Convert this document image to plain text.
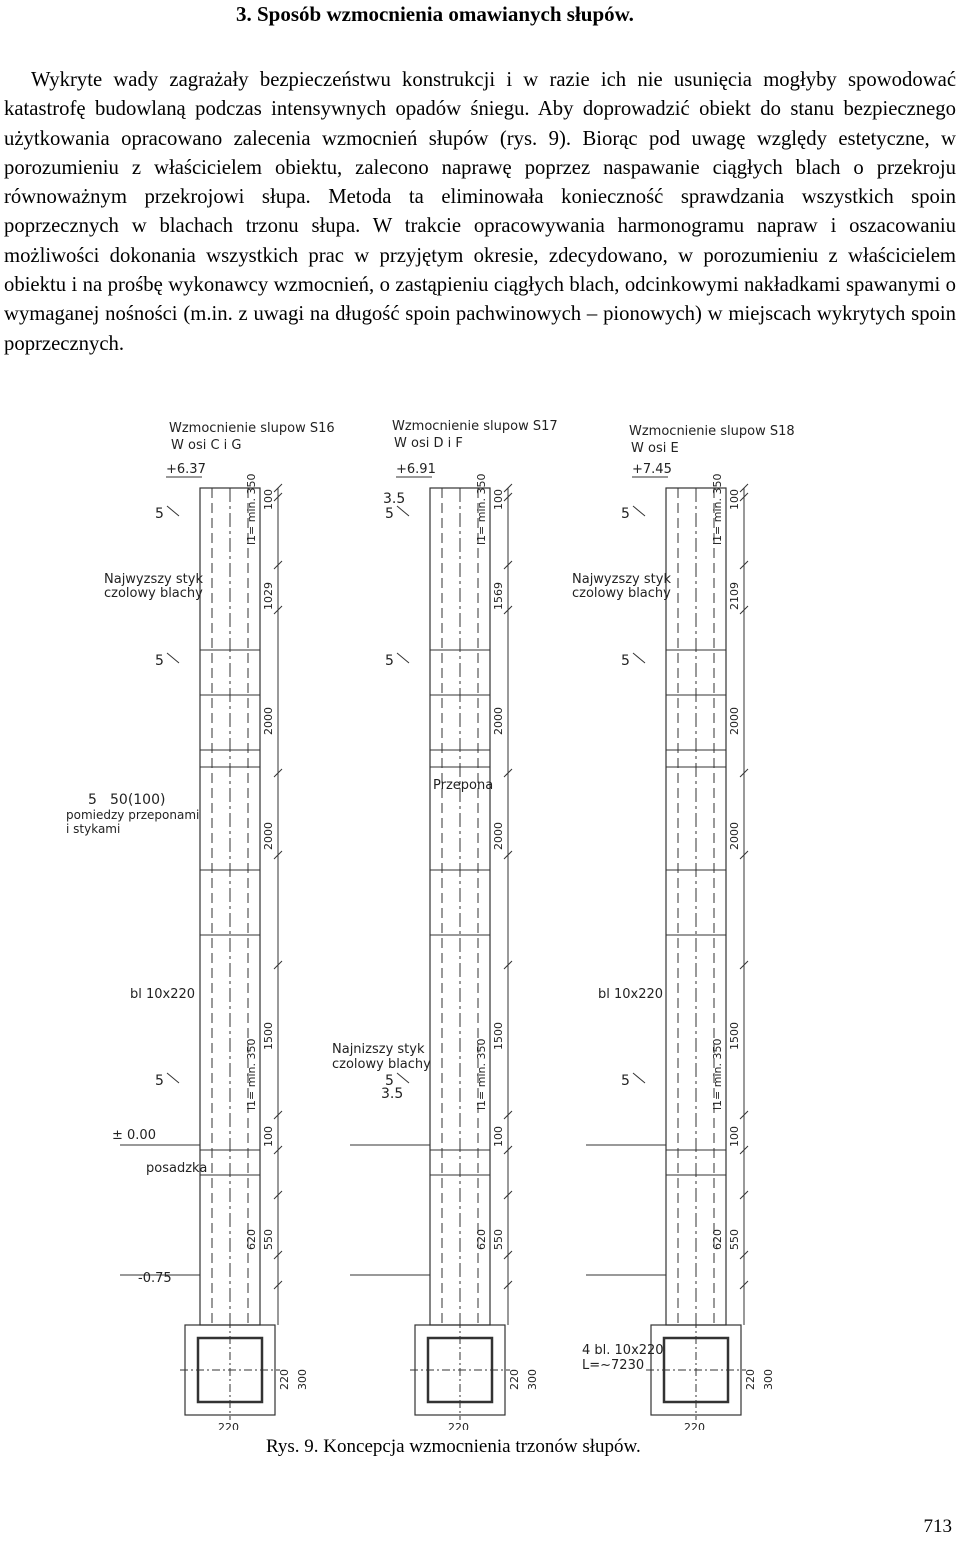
3. Sposób wzmocnienia omawianych słupów.

Wykryte wady zagrażały bezpieczeństwu konstrukcji i w razie ich nie usunięcia mogłyby spowodować katastrofę budowlaną podczas intensywnych opadów śniegu. Aby doprowadzić obiekt do stanu bezpiecznego użytkowania opracowano zalecenia wzmocnień słupów (rys. 9). Biorąc pod uwagę względy estetyczne, w porozumieniu z właścicielem obiektu, zalecono naprawę poprzez naspawanie ciągłych blach o przekroju równoważnym przekrojowi słupa. Metoda ta eliminowała konieczność sprawdzania wszystkich spoin poprzecznych w blachach trzonu słupa. W trakcie opracowywania harmonogramu napraw i oszacowaniu możliwości dokonania wszystkich prac w przyjętym okresie, zdecydowano, w porozumieniu z właścicielem obiektu i na prośbę wykonawcy wzmocnień, o zastąpieniu ciągłych blach, odcinkowymi nakładkami spawanymi o wymaganej nośności (m.in. z uwagi na długość spoin pachwinowych – pionowych) w miejscach wykrytych spoin poprzecznych.

Wzmocnienie slupow S16
W osi C i G
+6.37
100
l1= min. 350
1029
2000
2000
1500
l1= min. 350
100
620 550
5
5
5
220 300
220
Wzmocnienie slupow S17
W osi D i F
+6.91
100
l1= min. 350
1569
2000
2000
1500
l1= min. 350
100
620 550
5
5
5
220 300
220
Wzmocnienie slupow S18
W osi E
+7.45
100
l1= min. 350
2109
2000
2000
1500
l1= min. 350
100
620 550
5
5
5
220 300
220
3.5
pomiedzy przeponami
i stykami
50(100)
5
Przepona
Najnizszy styk
czolowy blachy
3.5
bl 10x220	bl 10x220
± 0.00
posadzka
-0.75
4 bl. 10x220
L=~7230
Najwyzszy styk
czolowy blachy
Najwyzszy styk
czolowy blachy

Rys. 9. Koncepcja wzmocnienia trzonów słupów.

713
